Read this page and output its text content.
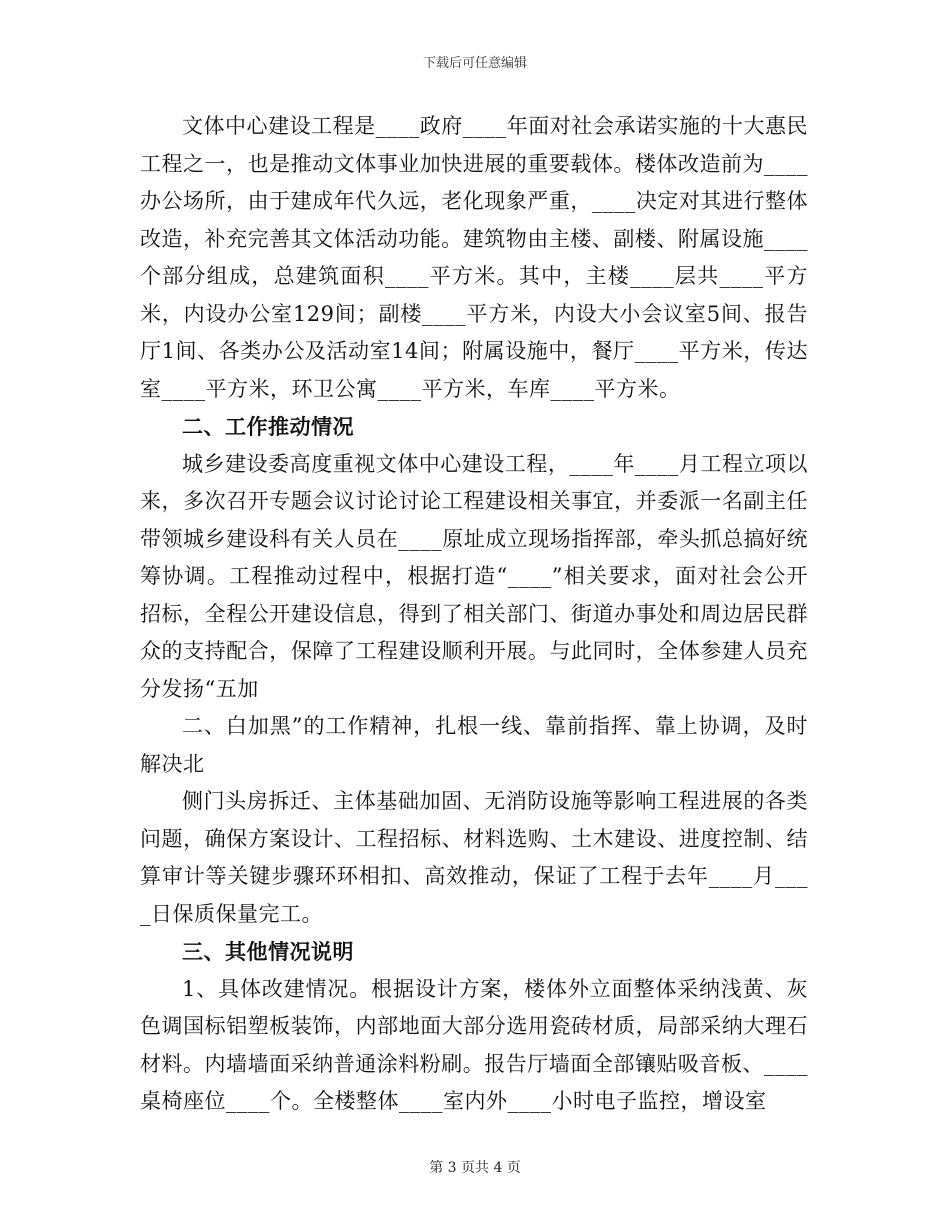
下载后可任意编辑

文体中心建设工程是____政府____年面对社会承诺实施的十大惠民工程之一，也是推动文体事业加快进展的重要载体。楼体改造前为____办公场所，由于建成年代久远，老化现象严重，____决定对其进行整体改造，补充完善其文体活动功能。建筑物由主楼、副楼、附属设施____个部分组成，总建筑面积____平方米。其中，主楼____层共____平方米，内设办公室129间；副楼____平方米，内设大小会议室5间、报告厅1间、各类办公及活动室14间；附属设施中，餐厅____平方米，传达室____平方米，环卫公寓____平方米，车库____平方米。

二、工作推动情况

城乡建设委高度重视文体中心建设工程，____年____月工程立项以来，多次召开专题会议讨论讨论工程建设相关事宜，并委派一名副主任带领城乡建设科有关人员在____原址成立现场指挥部，牵头抓总搞好统筹协调。工程推动过程中，根据打造“____”相关要求，面对社会公开招标，全程公开建设信息，得到了相关部门、街道办事处和周边居民群众的支持配合，保障了工程建设顺利开展。与此同时，全体参建人员充分发扬“五加

二、白加黑”的工作精神，扎根一线、靠前指挥、靠上协调，及时解决北

侧门头房拆迁、主体基础加固、无消防设施等影响工程进展的各类问题，确保方案设计、工程招标、材料选购、土木建设、进度控制、结算审计等关键步骤环环相扣、高效推动，保证了工程于去年____月____日保质保量完工。

三、其他情况说明

1、具体改建情况。根据设计方案，楼体外立面整体采纳浅黄、灰色调国标铝塑板装饰，内部地面大部分选用瓷砖材质，局部采纳大理石材料。内墙墙面采纳普通涂料粉刷。报告厅墙面全部镶贴吸音板、____桌椅座位____个。全楼整体____室内外____小时电子监控，增设室

第 3 页共 4 页
